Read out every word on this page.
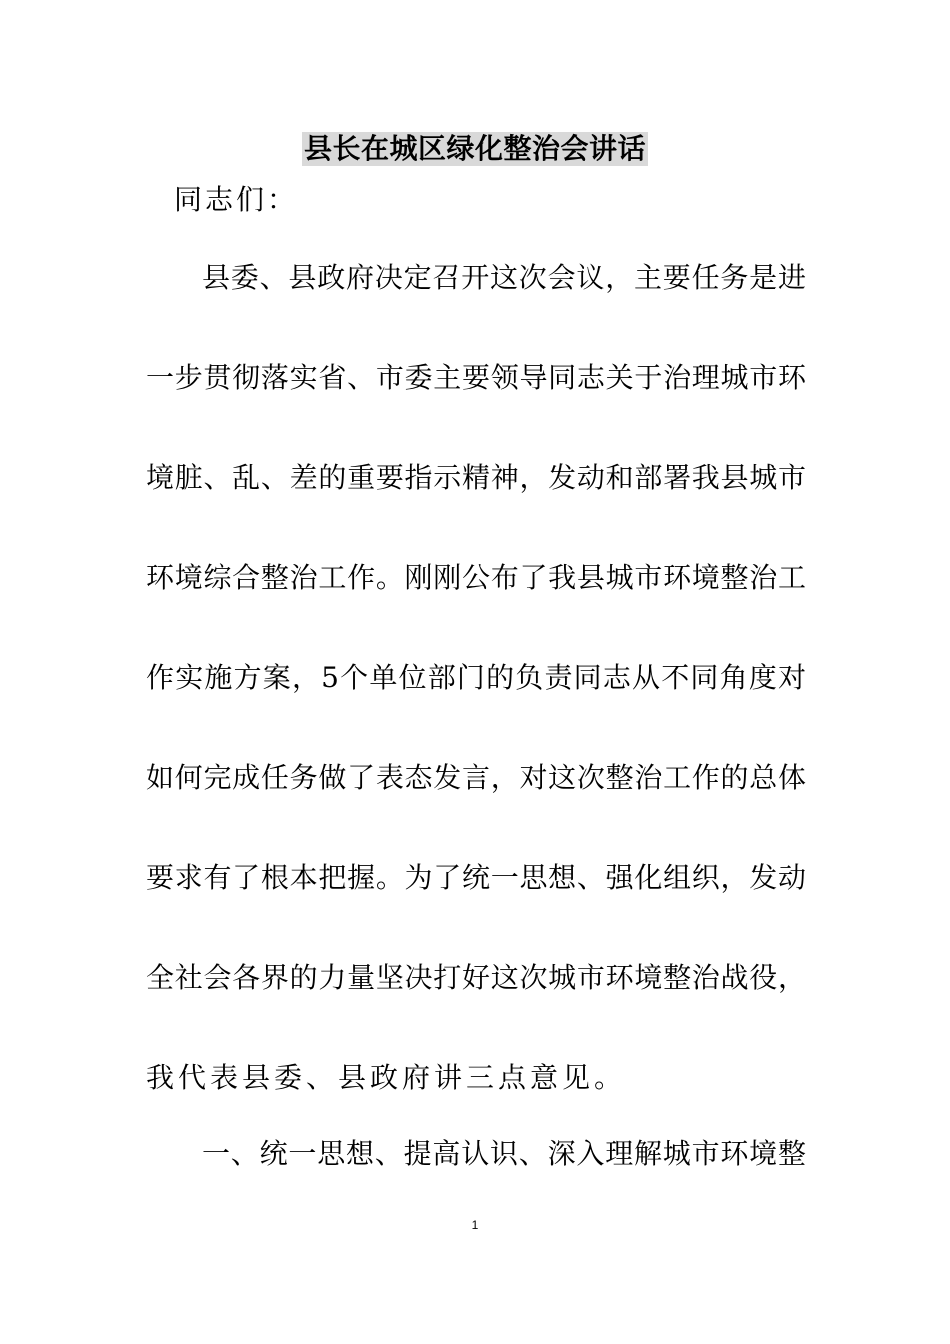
县长在城区绿化整治会讲话
同志们：
县委、县政府决定召开这次会议，主要任务是进
一步贯彻落实省、市委主要领导同志关于治理城市环
境脏、乱、差的重要指示精神，发动和部署我县城市
环境综合整治工作。刚刚公布了我县城市环境整治工
作实施方案，5个单位部门的负责同志从不同角度对
如何完成任务做了表态发言，对这次整治工作的总体
要求有了根本把握。为了统一思想、强化组织，发动
全社会各界的力量坚决打好这次城市环境整治战役，
我代表县委、县政府讲三点意见。
一、统一思想、提高认识、深入理解城市环境整
1
